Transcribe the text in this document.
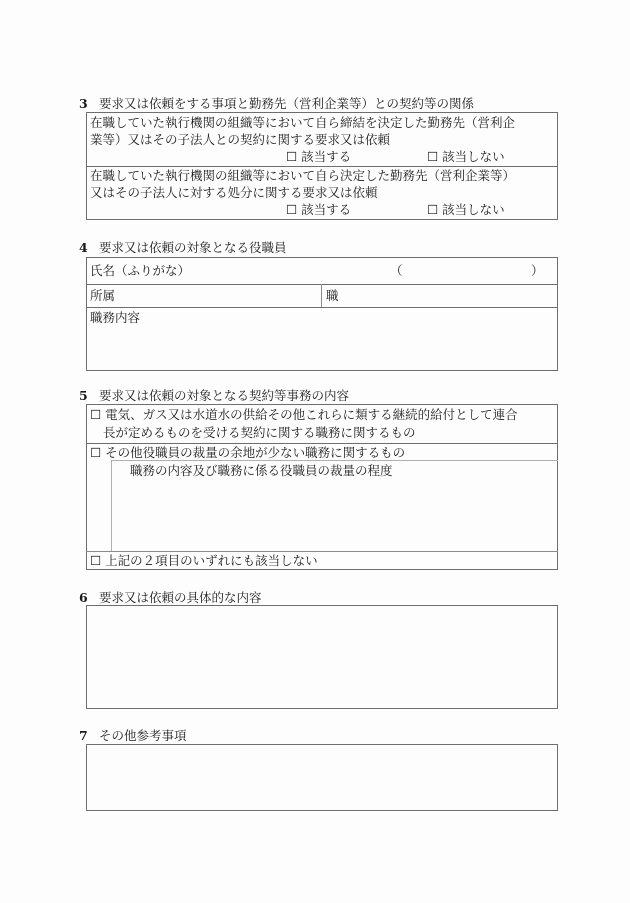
3 要求又は依頼をする事項と勤務先（営利企業等）との契約等の関係
在職していた執行機関の組織等において自ら締結を決定した勤務先（営利企
業等）又はその子法人との契約に関する要求又は依頼
☐ 該当する	☐ 該当しない
在職していた執行機関の組織等において自ら決定した勤務先（営利企業等）
又はその子法人に対する処分に関する要求又は依頼
☐ 該当する	☐ 該当しない
4 要求又は依頼の対象となる役職員
氏名（ふりがな）	（	）
所属	職
職務内容
5 要求又は依頼の対象となる契約等事務の内容
☐ 電気、ガス又は水道水の供給その他これらに類する継続的給付として連合
長が定めるものを受ける契約に関する職務に関するもの
☐ その他役職員の裁量の余地が少ない職務に関するもの
職務の内容及び職務に係る役職員の裁量の程度
☐ 上記の２項目のいずれにも該当しない
6 要求又は依頼の具体的な内容
7 その他参考事項
